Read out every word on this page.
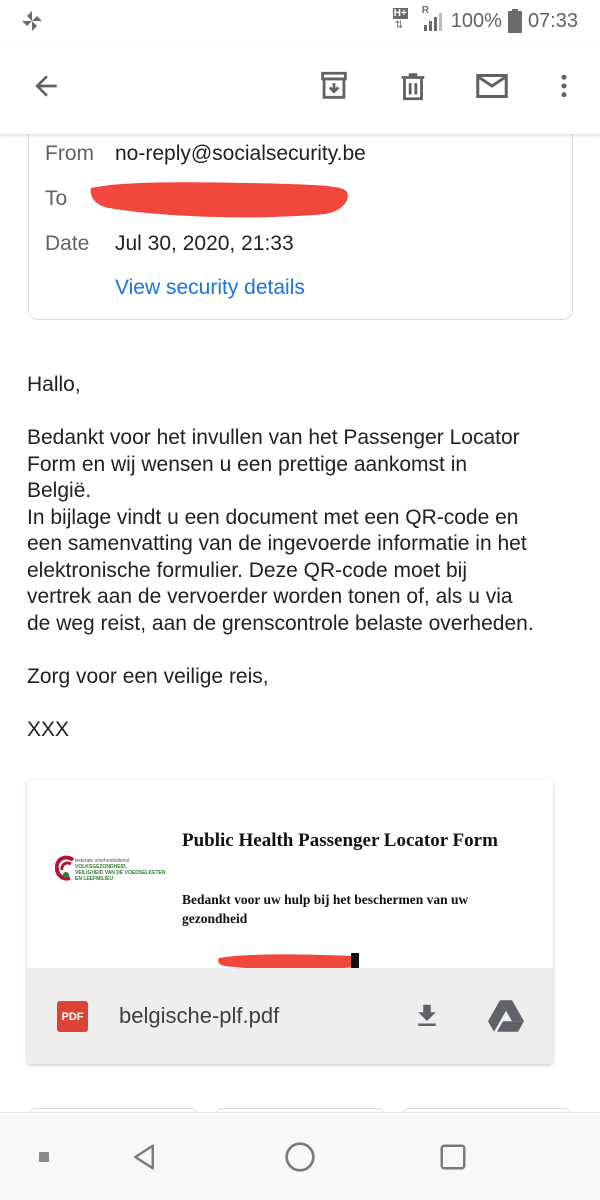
H+
⇅
R 100% 07:33
From no-reply@socialsecurity.be
To
Date Jul 30, 2020, 21:33
View security details

Hallo,

Bedankt voor het invullen van het Passenger Locator
Form en wij wensen u een prettige aankomst in
België.
In bijlage vindt u een document met een QR-code en
een samenvatting van de ingevoerde informatie in het
elektronische formulier. Deze QR-code moet bij
vertrek aan de vervoerder worden tonen of, als u via
de weg reist, aan de grenscontrole belaste overheden.

Zorg voor een veilige reis,

XXX

federale overheidsdienst
VOLKSGEZONDHEID,
VEILIGHEID VAN DE VOEDSELKETEN
EN LEEFMILIEU
Public Health Passenger Locator Form
Bedankt voor uw hulp bij het beschermen van uw gezondheid
PDF belgische-plf.pdf
